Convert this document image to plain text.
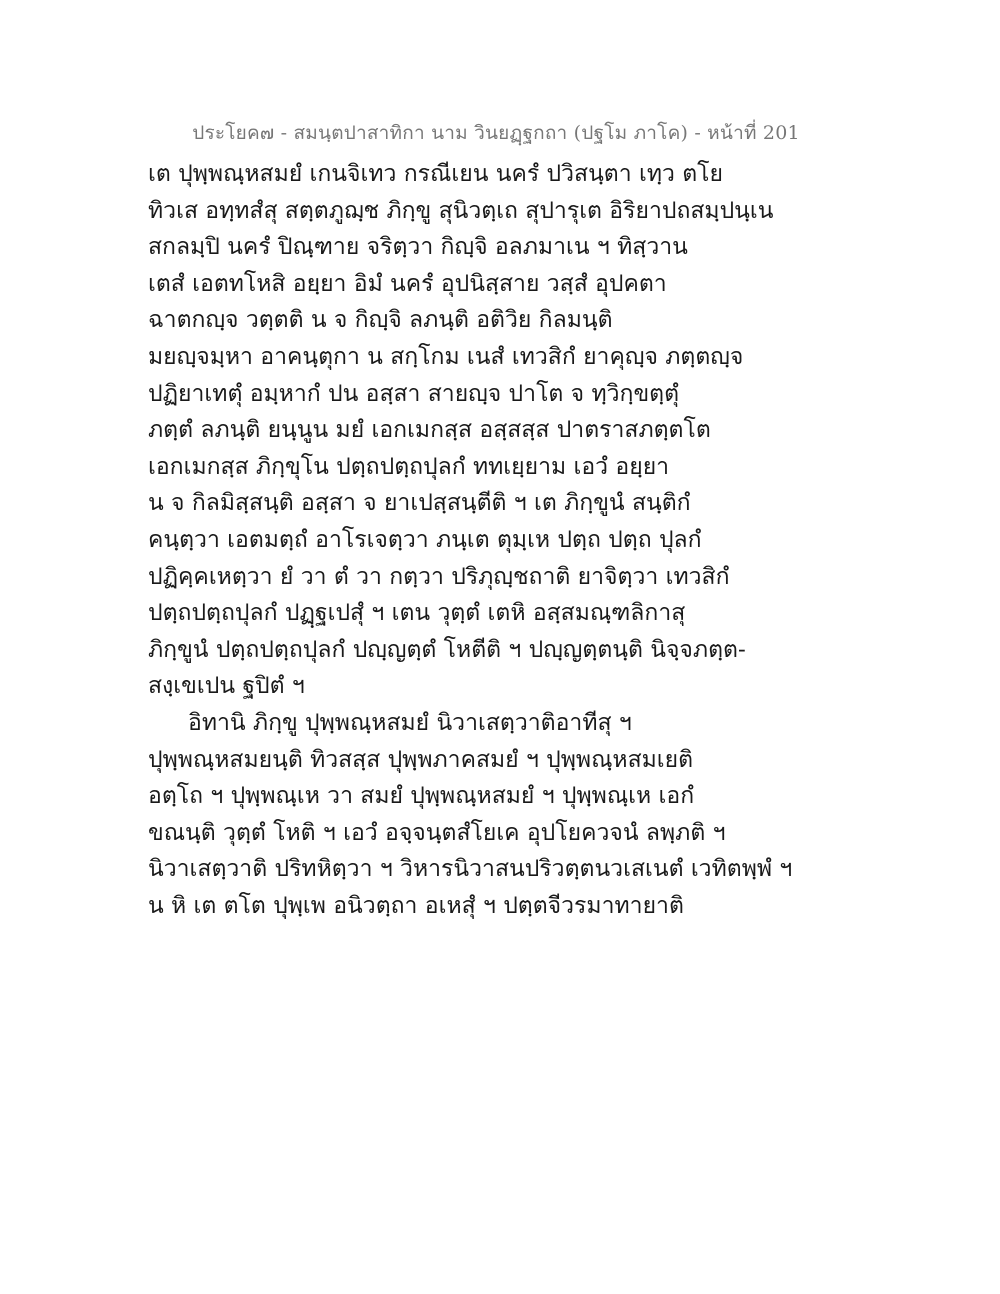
ประโยค๗ - สมนฺตปาสาทิกา นาม วินยฏฺฐกถา (ปฐโม ภาโค) - หน้าที่ 201
เต ปุพฺพณฺหสมยํ เกนจิเทว กรณีเยน นครํ ปวิสนฺตา เทฺว ตโย
ทิวเส อทฺทสํสุ สตฺตภูฌฺช ภิกฺขู สุนิวตฺเถ สุปารุเต อิริยาปถสมฺปนฺเน
สกลมฺปิ นครํ ปิณฺฑาย จริตฺวา กิญฺจิ อลภมาเน ฯ ทิสฺวาน
เตสํ เอตทโหสิ อยฺยา อิมํ นครํ อุปนิสฺสาย วสฺสํ อุปคตา
ฉาตกญฺจ วตฺตติ น จ กิญฺจิ ลภนฺติ อติวิย กิลมนฺติ
มยญฺจมฺหา อาคนฺตุกา น สกฺโกม เนสํ เทวสิกํ ยาคุญฺจ ภตฺตญฺจ
ปฏิยาเทตุํ อมฺหากํ ปน อสฺสา สายญฺจ ปาโต จ ทฺวิกฺขตฺตุํ
ภตฺตํ ลภนฺติ ยนฺนูน มยํ เอกเมกสฺส อสฺสสฺส ปาตราสภตฺตโต
เอกเมกสฺส ภิกฺขุโน ปตฺถปตฺถปุลกํ ททเยฺยาม เอวํ อยฺยา
น จ กิลมิสฺสนฺติ อสฺสา จ ยาเปสฺสนฺตีติ ฯ เต ภิกฺขูนํ สนฺติกํ
คนฺตฺวา เอตมตฺถํ อาโรเจตฺวา ภนฺเต ตุมฺเห ปตฺถ ปตฺถ ปุลกํ
ปฏิคฺคเหตฺวา ยํ วา ตํ วา กตฺวา ปริภุญฺชถาติ ยาจิตฺวา เทวสิกํ
ปตฺถปตฺถปุลกํ ปฏฺฐเปสุํ ฯ เตน วุตฺตํ เตหิ อสฺสมณฺฑลิกาสุ
ภิกฺขูนํ ปตฺถปตฺถปุลกํ ปญฺญตฺตํ โหตีติ ฯ ปญฺญตฺตนฺติ นิจฺจภตฺต-
สงฺเขเปน ฐปิตํ ฯ
อิทานิ ภิกฺขู ปุพฺพณฺหสมยํ นิวาเสตฺวาติอาทีสุ ฯ
ปุพฺพณฺหสมยนฺติ ทิวสสฺส ปุพฺพภาคสมยํ ฯ ปุพฺพณฺหสมเยติ
อตฺโถ ฯ ปุพฺพณฺเห วา สมยํ ปุพฺพณฺหสมยํ ฯ ปุพฺพณฺเห เอกํ
ขณนฺติ วุตฺตํ โหติ ฯ เอวํ อจฺจนฺตสํโยเค อุปโยควจนํ ลพฺภติ ฯ
นิวาเสตฺวาติ ปริทหิตฺวา ฯ วิหารนิวาสนปริวตฺตนวเสเนตํ เวทิตพฺพํ ฯ
น หิ เต ตโต ปุพฺเพ อนิวตฺถา อเหสุํ ฯ ปตฺตจีวรมาทายาติ
